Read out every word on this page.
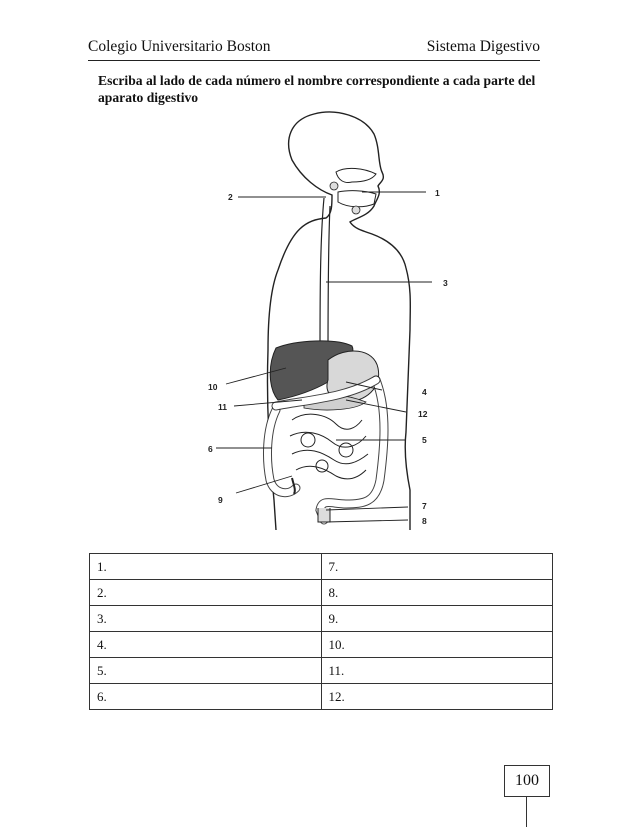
Colegio Universitario Boston	Sistema Digestivo
Escriba al lado de cada número el nombre correspondiente a cada parte del aparato digestivo
1
2
3
4
5
6
7
8
9
10
11
12
1.	7.
2.	8.
3.	9.
4.	10.
5.	11.
6.	12.
100
